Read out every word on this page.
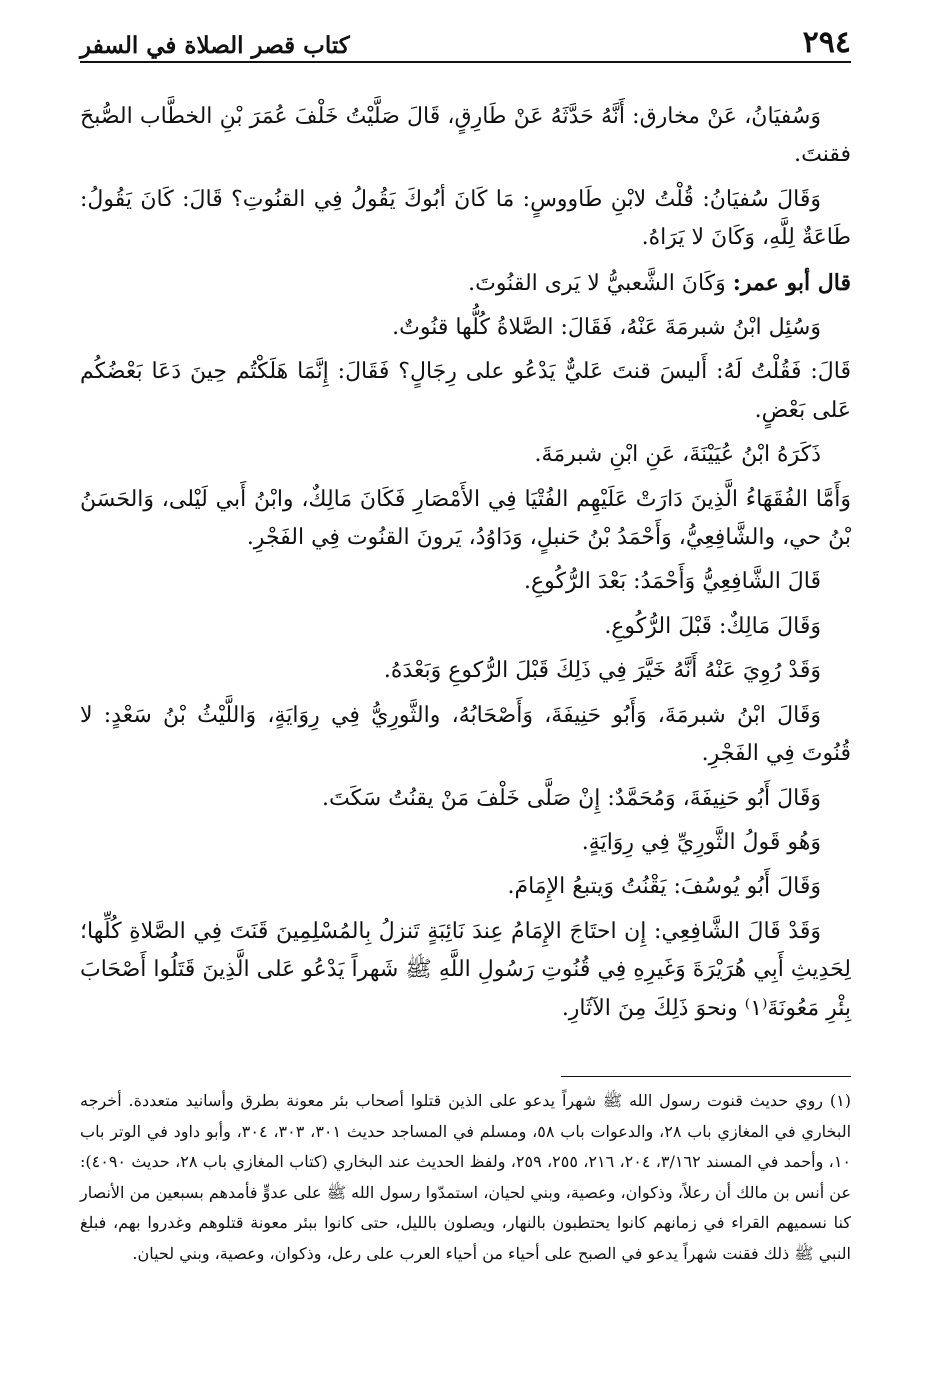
٢٩٤
كتاب قصر الصلاة في السفر

وَسُفيَانُ، عَنْ مخارق: أَنَّهُ حَدَّثَهُ عَنْ طَارِقٍ، قَالَ صَلَّيْتُ خَلْفَ عُمَرَ بْنِ الخطَّاب الصُّبحَ فقنتَ.

وَقَالَ سُفيَانُ: قُلْتُ لابْنِ طَاووسٍ: مَا كَانَ أبُوكَ يَقُولُ فِي القنُوتِ؟ قَالَ: كَانَ يَقُولُ: طَاعَةٌ لِلَّهِ، وَكَانَ لا يَرَاهُ.

قال أبو عمر: وَكَانَ الشَّعبيُّ لا يَرى القنُوتَ.

وَسُئِل ابْنُ شبرمَةَ عَنْهُ، فَقَالَ: الصَّلاةُ كُلُّها قنُوتٌ.

قَالَ: فَقُلْتُ لَهُ: أَليسَ قنتَ عَليٌّ يَدْعُو على رِجَالٍ؟ فَقَالَ: إِنَّمَا هَلَكْتُم حِينَ دَعَا بَعْضُكُم عَلى بَعْضٍ.

ذَكَرَهُ ابْنُ عُيَيْنَةَ، عَنِ ابْنِ شبرمَةَ.

وَأَمَّا الفُقَهَاءُ الَّذِينَ دَارَتْ عَلَيْهِم الفُتْيَا فِي الأَمْصَارِ فَكَانَ مَالِكٌ، وابْنُ أَبي لَيْلى، وَالحَسَنُ بْنُ حي، والشَّافِعِيُّ، وَأَحْمَدُ بْنُ حَنبلٍ، وَدَاوُدُ، يَرونَ القنُوت فِي الفَجْرِ.

قَالَ الشَّافِعِيُّ وَأَحْمَدُ: بَعْدَ الرُّكُوعِ.

وَقَالَ مَالِكٌ: قَبْلَ الرُّكُوعِ.

وَقَدْ رُوِيَ عَنْهُ أَنَّهُ خَيَّرَ فِي ذَلِكَ قَبْلَ الرُّكوعِ وَبَعْدَهُ.

وَقَالَ ابْنُ شبرمَةَ، وَأَبُو حَنِيفَةَ، وَأَصْحَابُهُ، والثَّورِيُّ فِي رِوَايَةٍ، وَاللَّيْثُ بْنُ سَعْدٍ: لا قُنُوتَ فِي الفَجْرِ.

وَقَالَ أَبُو حَنِيفَةَ، وَمُحَمَّدٌ: إِنْ صَلَّى خَلْفَ مَنْ يقنُتُ سَكَتَ.

وَهُو قَولُ الثَّورِيِّ فِي رِوَايَةٍ.

وَقَالَ أَبُو يُوسُفَ: يَقْنُتُ وَيتبعُ الإِمَامَ.

وَقَدْ قَالَ الشَّافِعِي: إِن احتَاجَ الإِمَامُ عِندَ نَائِبَةٍ تَنزلُ بِالمُسْلِمِينَ قَنَتَ فِي الصَّلاةِ كُلِّها؛ لِحَدِيثِ أَبِي هُرَيْرَةَ وَغَيرِهِ فِي قُنُوتِ رَسُولِ اللَّهِ ﷺ شَهراً يَدْعُو عَلى الَّذِينَ قَتَلُوا أَصْحَابَ بِئْرِ مَعُونَةَ⁽١⁾ ونحوَ ذَلِكَ مِنَ الآثَارِ.

(١) روي حديث قنوت رسول الله ﷺ شهراً يدعو على الذين قتلوا أصحاب بئر معونة بطرق وأسانيد متعددة. أخرجه البخاري في المغازي باب ٢٨، والدعوات باب ٥٨، ومسلم في المساجد حديث ٣٠١، ٣٠٣، ٣٠٤، وأبو داود في الوتر باب ١٠، وأحمد في المسند ٣/١٦٢، ٢٠٤، ٢١٦، ٢٥٥، ٢٥٩، ولفظ الحديث عند البخاري (كتاب المغازي باب ٢٨، حديث ٤٠٩٠): عن أنس بن مالك أن رعلاً، وذكوان، وعصية، وبني لحيان، استمدّوا رسول الله ﷺ على عدوٍّ فأمدهم بسبعين من الأنصار كنا نسميهم القراء في زمانهم كانوا يحتطبون بالنهار، ويصلون بالليل، حتى كانوا ببئر معونة قتلوهم وغدروا بهم، فبلغ النبي ﷺ ذلك فقنت شهراً يدعو في الصبح على أحياء من أحياء العرب على رعل، وذكوان، وعصية، وبني لحيان.
